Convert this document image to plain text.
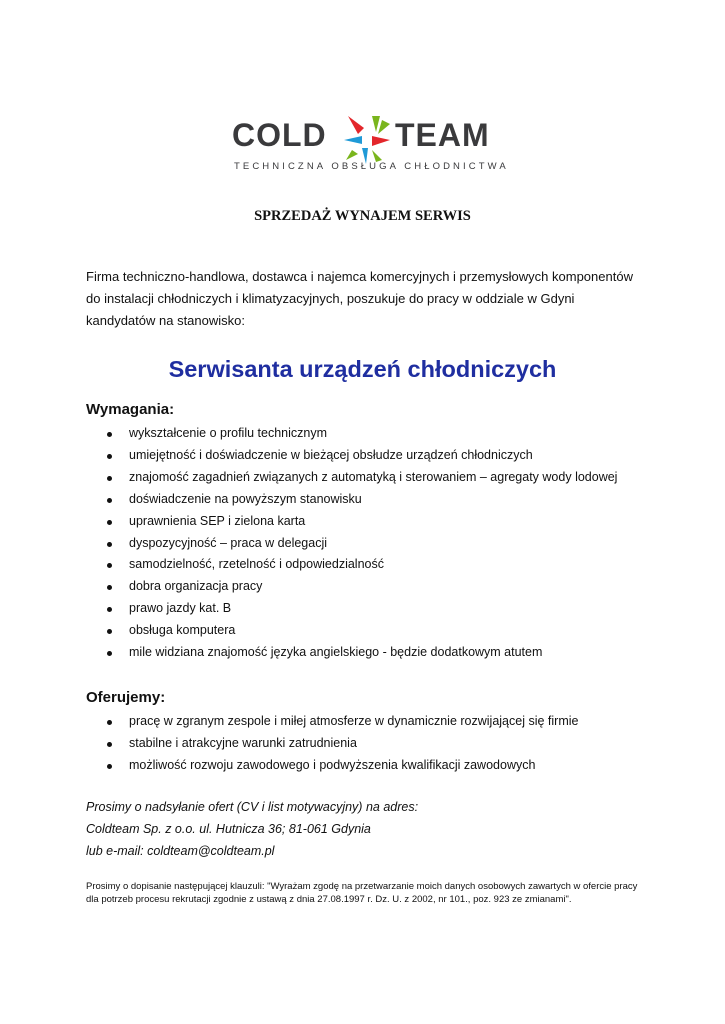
COLD TEAM
TECHNICZNA OBSŁUGA CHŁODNICTWA
SPRZEDAŻ WYNAJEM SERWIS

Firma techniczno-handlowa, dostawca i najemca komercyjnych i przemysłowych komponentów do instalacji chłodniczych i klimatyzacyjnych, poszukuje do pracy w oddziale w Gdyni kandydatów na stanowisko:

Serwisanta urządzeń chłodniczych
Wymagania:
wykształcenie o profilu technicznym
umiejętność i doświadczenie w bieżącej obsłudze urządzeń chłodniczych
znajomość zagadnień związanych z automatyką i sterowaniem – agregaty wody lodowej
doświadczenie na powyższym stanowisku
uprawnienia SEP i zielona karta
dyspozycyjność – praca w delegacji
samodzielność, rzetelność i odpowiedzialność
dobra organizacja pracy
prawo jazdy kat. B
obsługa komputera
mile widziana znajomość języka angielskiego - będzie dodatkowym atutem
Oferujemy:
pracę w zgranym zespole i miłej atmosferze w dynamicznie rozwijającej się firmie
stabilne i atrakcyjne warunki zatrudnienia
możliwość rozwoju zawodowego i podwyższenia kwalifikacji zawodowych

Prosimy o nadsyłanie ofert (CV i list motywacyjny) na adres:

Coldteam Sp. z o.o. ul. Hutnicza 36; 81-061 Gdynia

lub e-mail: coldteam@coldteam.pl

Prosimy o dopisanie następującej klauzuli: "Wyrażam zgodę na przetwarzanie moich danych osobowych zawartych w ofercie pracy dla potrzeb procesu rekrutacji zgodnie z ustawą z dnia 27.08.1997 r. Dz. U. z 2002, nr 101., poz. 923 ze zmianami".
